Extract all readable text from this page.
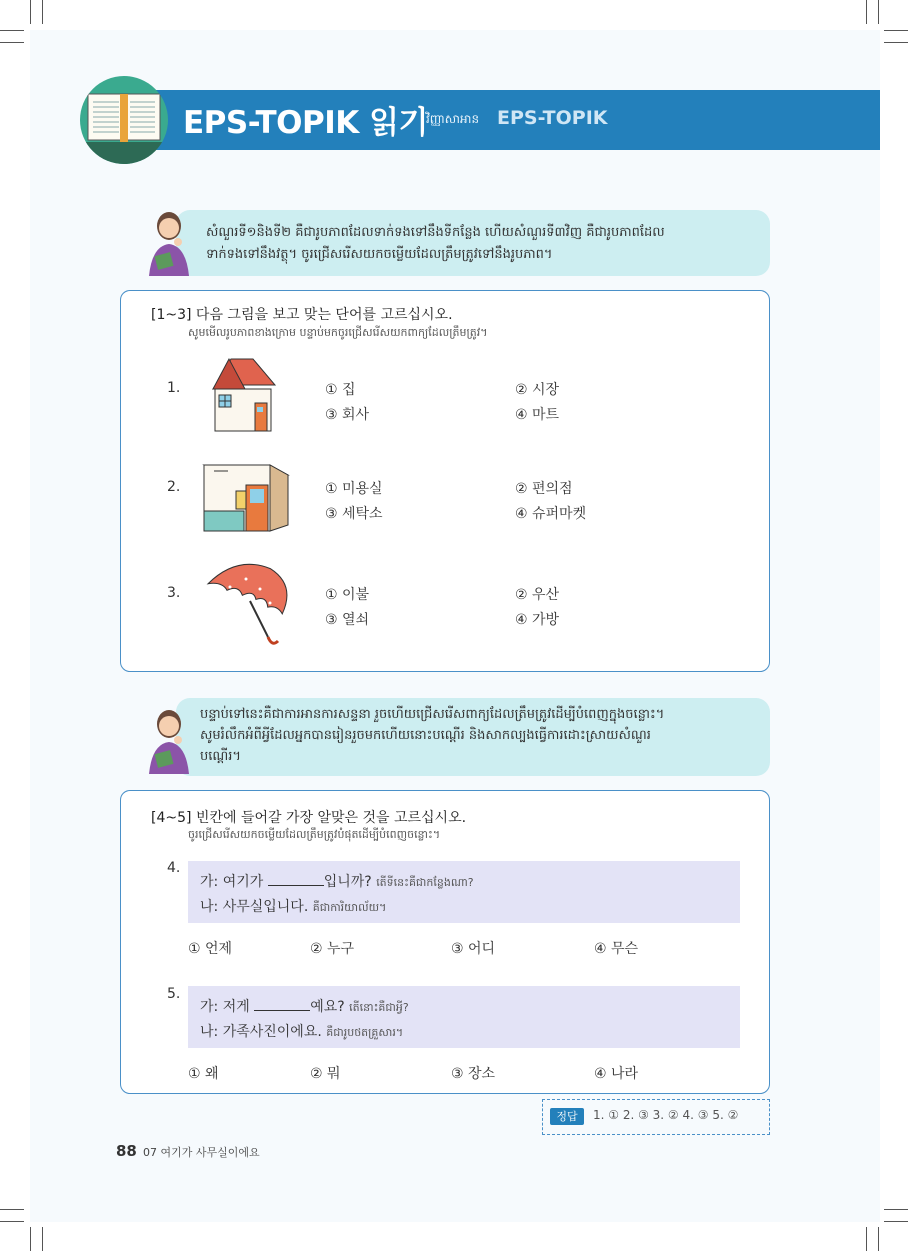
EPS-TOPIK 읽기
វិញ្ញាសាអាន EPS-TOPIK
សំណួរទី១និងទី២ គឺជារូបភាពដែលទាក់ទងទៅនឹងទីកន្លែង ហើយសំណួរទី៣វិញ គឺជារូបភាពដែល
ទាក់ទងទៅនឹងវត្ថុ។ ចូរជ្រើសរើសយកចម្លើយដែលត្រឹមត្រូវទៅនឹងរូបភាព។
[1~3] 다음 그림을 보고 맞는 단어를 고르십시오.
សូមមើលរូបភាពខាងក្រោម បន្ទាប់មកចូរជ្រើសរើសយកពាក្យដែលត្រឹមត្រូវ។
1.	① 집	② 시장
③ 회사	④ 마트
2.	① 미용실	② 편의점
③ 세탁소	④ 슈퍼마켓
3.	① 이불	② 우산
③ 열쇠	④ 가방
បន្ទាប់ទៅនេះគឺជាការអានការសន្ទនា រួចហើយជ្រើសរើសពាក្យដែលត្រឹមត្រូវដើម្បីបំពេញក្នុងចន្លោះ។
សូមរំលឹកអំពីអ្វីដែលអ្នកបានរៀនរួចមកហើយនោះបណ្តើរ និងសាកល្បងធ្វើការដោះស្រាយសំណួរ
បណ្តើរ។
[4~5] 빈칸에 들어갈 가장 알맞은 것을 고르십시오.
ចូរជ្រើសរើសយកចម្លើយដែលត្រឹមត្រូវបំផុតដើម្បីបំពេញចន្លោះ។
4.
가: 여기가	입니까? តើទីនេះគឺជាកន្លែងណា?
나: 사무실입니다. គឺជាការិយាល័យ។
① 언제	② 누구	③ 어디	④ 무슨
5.
가: 저게	예요? តើនោះគឺជាអ្វី?
나: 가족사진이에요. គឺជារូបថតគ្រួសារ។
① 왜	② 뭐	③ 장소	④ 나라
정답	1. ① 2. ③ 3. ② 4. ③ 5. ②
88 07 여기가 사무실이에요
